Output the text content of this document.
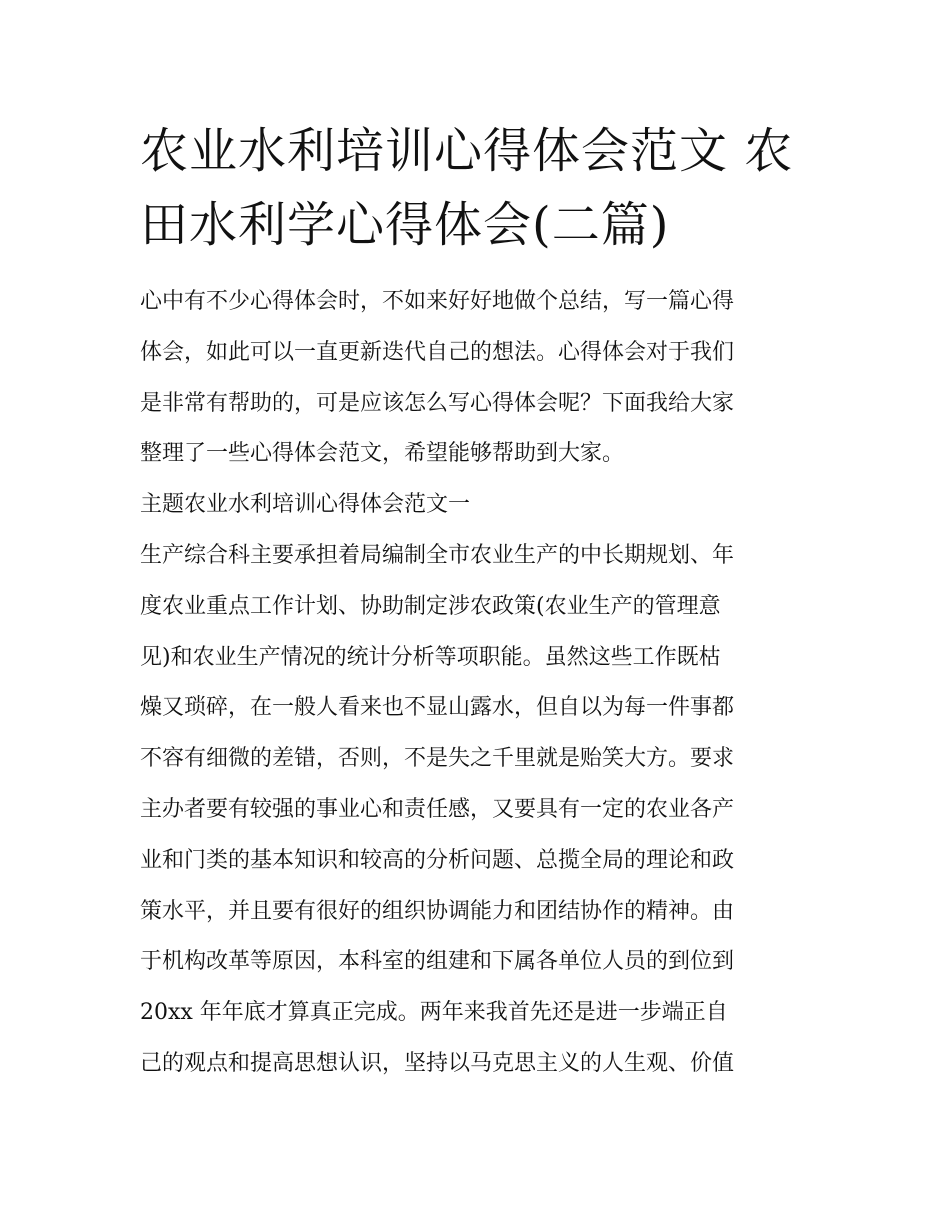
农业水利培训心得体会范文 农
田水利学心得体会(二篇)
心中有不少心得体会时，不如来好好地做个总结，写一篇心得
体会，如此可以一直更新迭代自己的想法。心得体会对于我们
是非常有帮助的，可是应该怎么写心得体会呢？下面我给大家
整理了一些心得体会范文，希望能够帮助到大家。
主题农业水利培训心得体会范文一
生产综合科主要承担着局编制全市农业生产的中长期规划、年
度农业重点工作计划、协助制定涉农政策(农业生产的管理意
见)和农业生产情况的统计分析等项职能。虽然这些工作既枯
燥又琐碎，在一般人看来也不显山露水，但自以为每一件事都
不容有细微的差错，否则，不是失之千里就是贻笑大方。要求
主办者要有较强的事业心和责任感，又要具有一定的农业各产
业和门类的基本知识和较高的分析问题、总揽全局的理论和政
策水平，并且要有很好的组织协调能力和团结协作的精神。由
于机构改革等原因，本科室的组建和下属各单位人员的到位到
20xx 年年底才算真正完成。两年来我首先还是进一步端正自
己的观点和提高思想认识，坚持以马克思主义的人生观、价值
